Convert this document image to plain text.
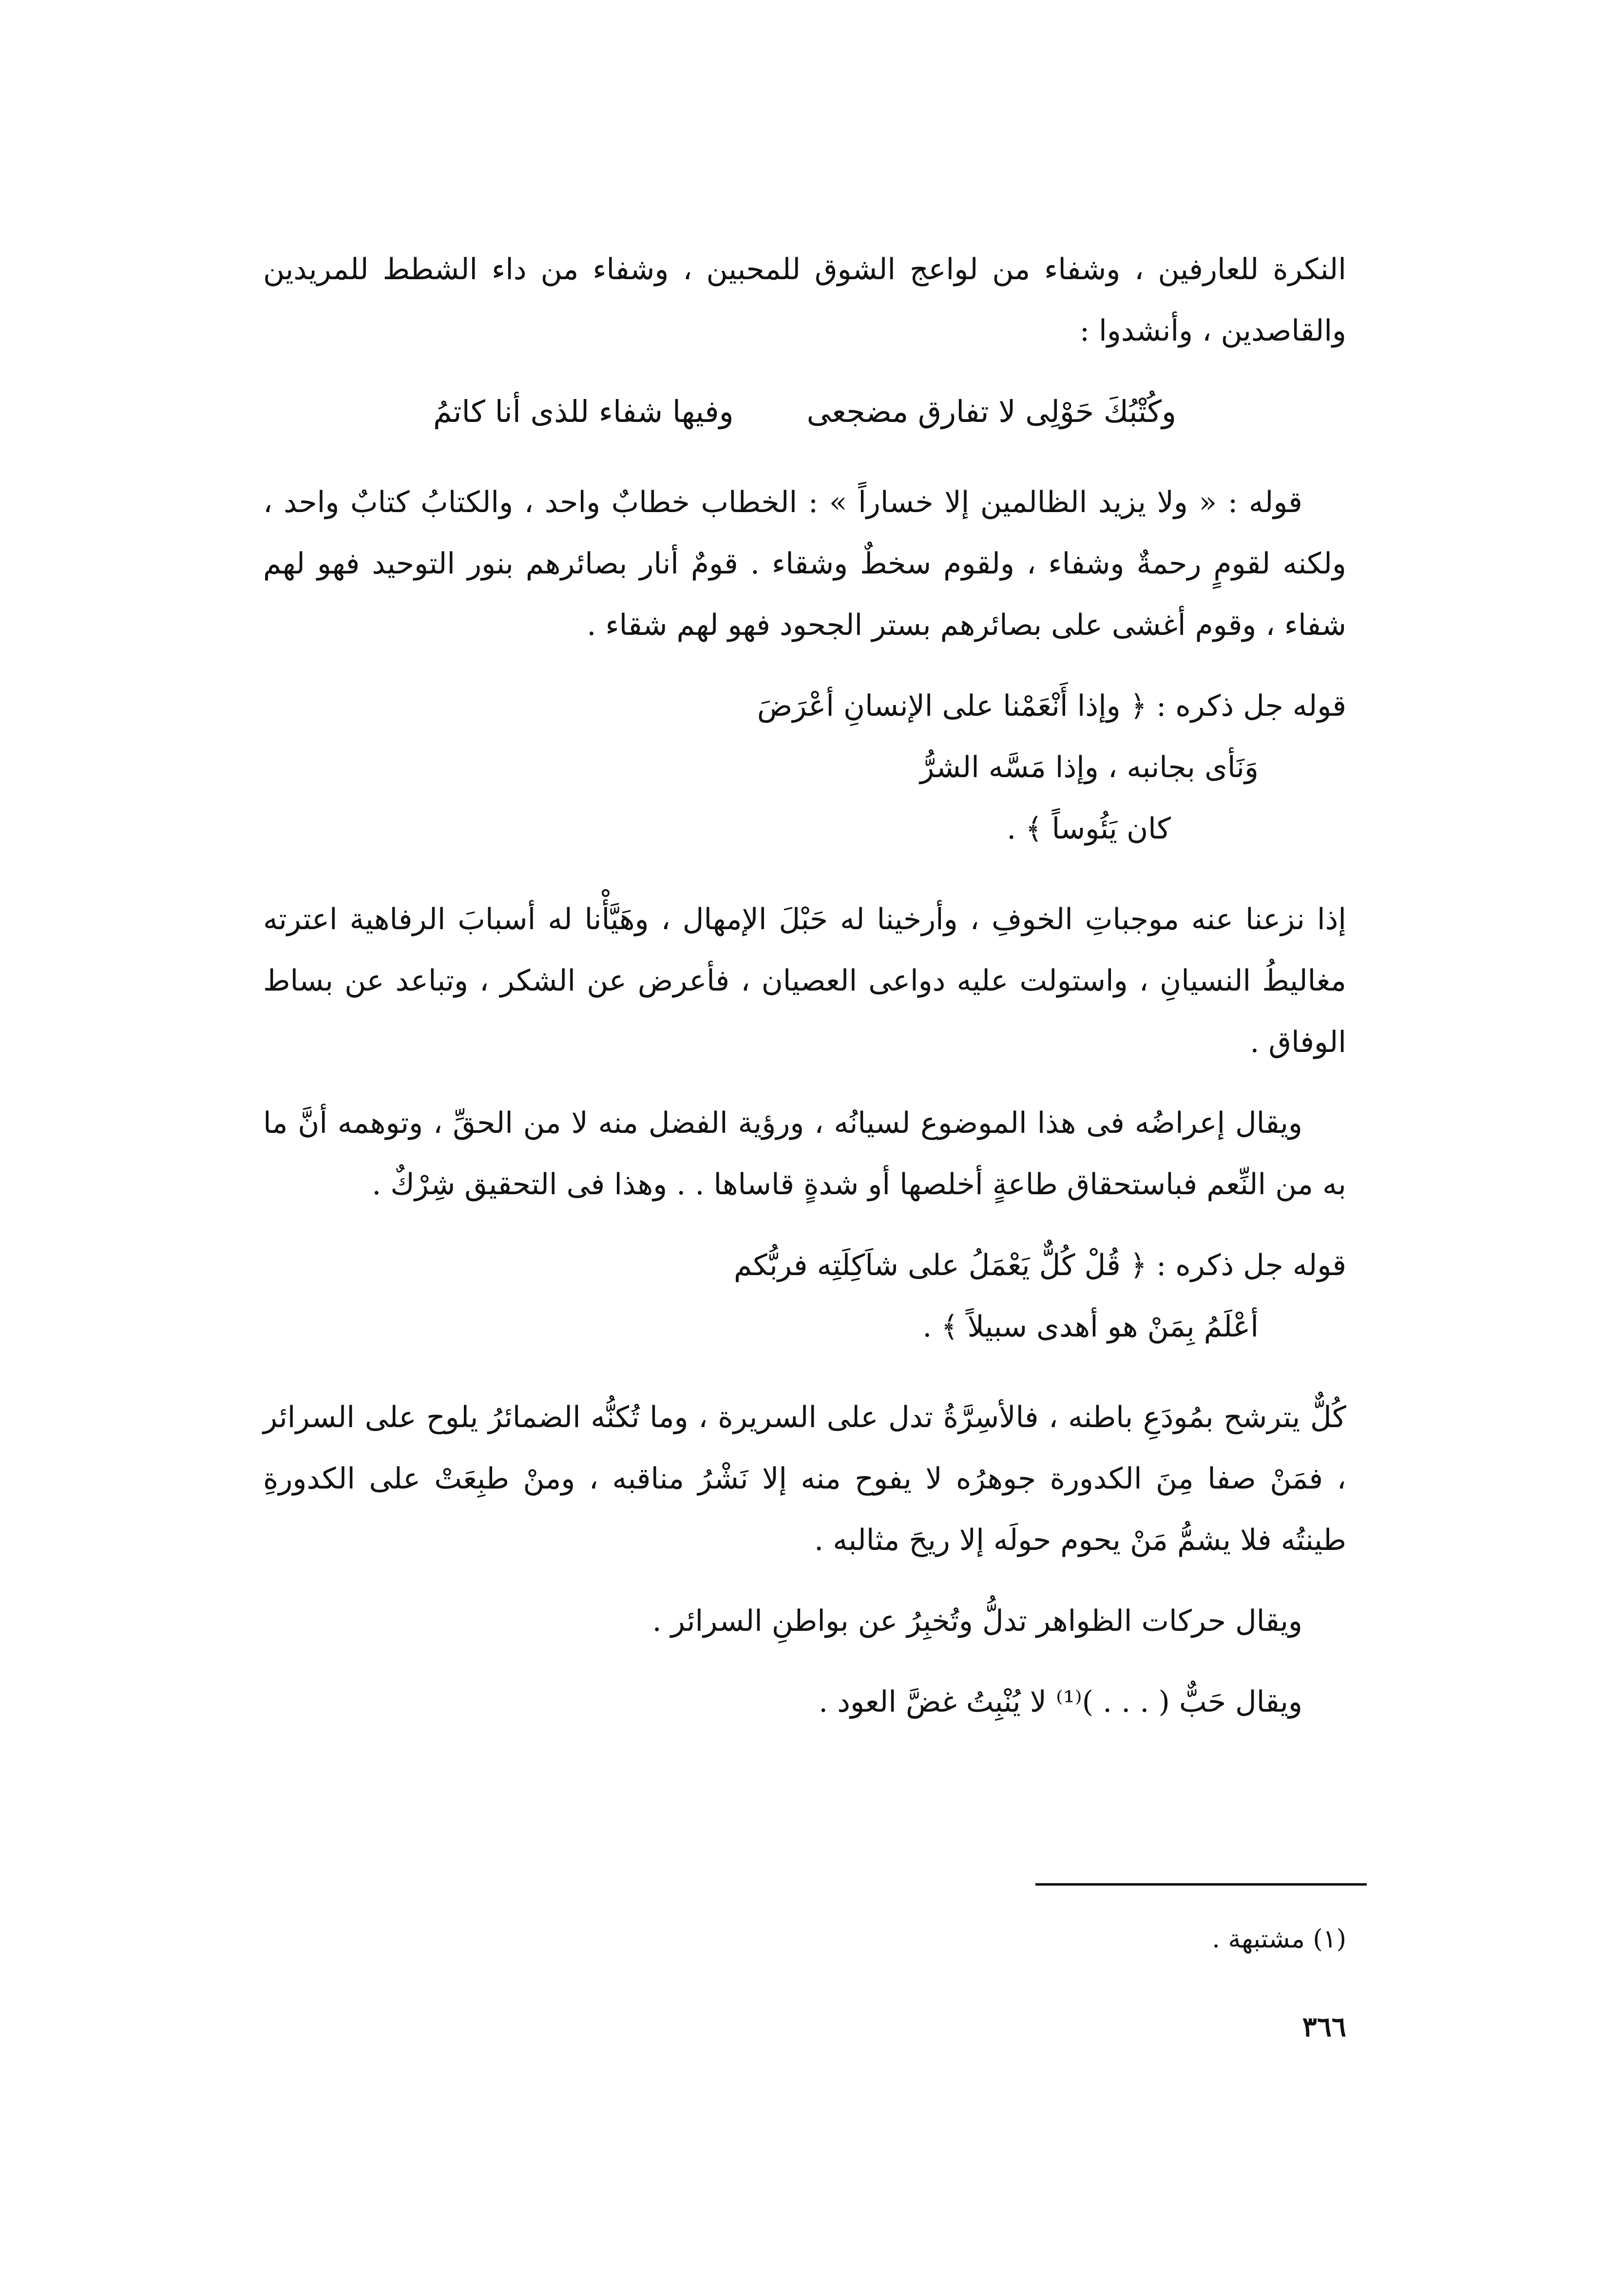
النكرة للعارفين ، وشفاء من لواعج الشوق للمحبين ، وشفاء من داء الشطط للمريدين والقاصدين ، وأنشدوا :

وكُتْبُكَ حَوْلِى لا تفارق مضجعى
وفيها شفاء للذى أنا كاتمُ

قوله : « ولا يزيد الظالمين إلا خساراً » : الخطاب خطابٌ واحد ، والكتابُ كتابٌ واحد ، ولكنه لقومٍ رحمةٌ وشفاء ، ولقوم سخطٌ وشقاء . قومٌ أنار بصائرهم بنور التوحيد فهو لهم شفاء ، وقوم أغشى على بصائرهم بستر الجحود فهو لهم شقاء .

قوله جل ذكره : ﴿ وإذا أَنْعَمْنا على الإنسانِ أعْرَضَ
وَنَأى بجانبه ، وإذا مَسَّه الشرُّ
كان يَئُوساً ﴾ .

إذا نزعنا عنه موجباتِ الخوفِ ، وأرخينا له حَبْلَ الإمهال ، وهَيَّأْنا له أسبابَ الرفاهية اعترته مغاليطُ النسيانِ ، واستولت عليه دواعى العصيان ، فأعرض عن الشكر ، وتباعد عن بساط الوفاق .

ويقال إعراضُه فى هذا الموضوع لسيانُه ، ورؤية الفضل منه لا من الحقِّ ، وتوهمه أنَّ ما به من النِّعم فباستحقاق طاعةٍ أخلصها أو شدةٍ قاساها . . وهذا فى التحقيق شِرْكٌ .

قوله جل ذكره : ﴿ قُلْ كُلٌّ يَعْمَلُ على شاَكِلَتِه فربُّكم
أعْلَمُ بِمَنْ هو أهدى سبيلاً ﴾ .

كُلٌّ يترشح بمُودَعِ باطنه ، فالأسِرَّةُ تدل على السريرة ، وما تُكنُّه الضمائرُ يلوح على السرائر ، فمَنْ صفا مِنَ الكدورة جوهرُه لا يفوح منه إلا نَشْرُ مناقبه ، ومنْ طبِعَتْ على الكدورةِ طينتُه فلا يشمُّ مَنْ يحوم حولَه إلا ريحَ مثالبه .

ويقال حركات الظواهر تدلُّ وتُخبِرُ عن بواطنِ السرائر .

ويقال حَبٌّ ( . . . )⁽¹⁾ لا يُنْبِتُ غضَّ العود .

(١) مشتبهة .
٣٦٦
